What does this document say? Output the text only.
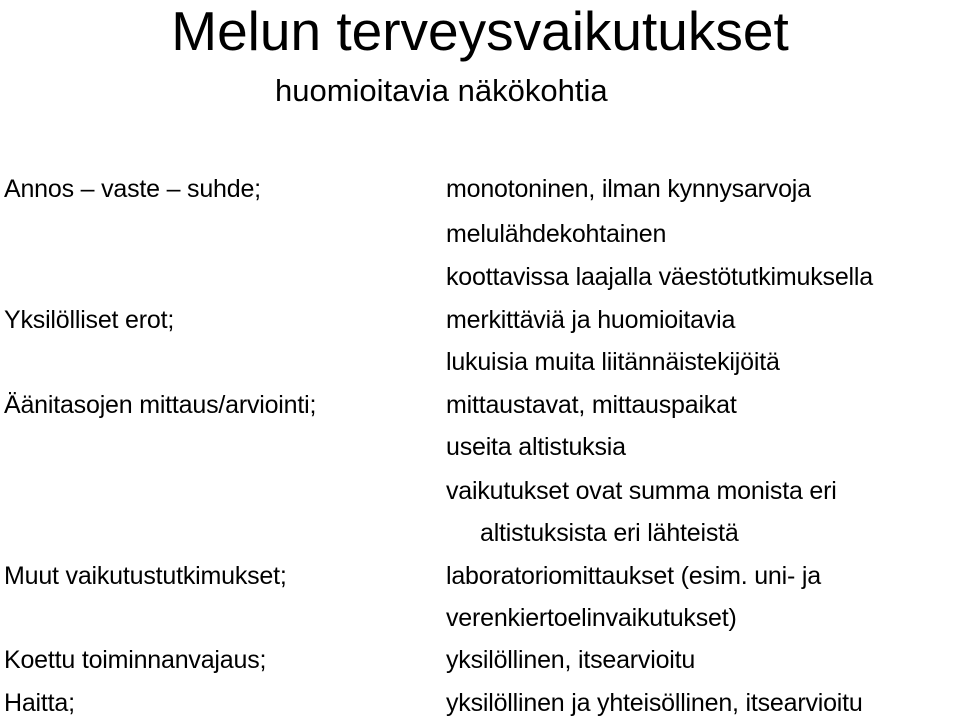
Melun terveysvaikutukset
huomioitavia näkökohtia
Annos – vaste – suhde;
Yksilölliset erot;
Äänitasojen mittaus/arviointi;
Muut vaikutustutkimukset;
Koettu toiminnanvajaus;
Haitta;
monotoninen, ilman kynnysarvoja
melulähdekohtainen
koottavissa laajalla väestötutkimuksella
merkittäviä ja huomioitavia
lukuisia muita liitännäistekijöitä
mittaustavat, mittauspaikat
useita altistuksia
vaikutukset ovat summa monista eri
altistuksista eri lähteistä
laboratoriomittaukset (esim. uni- ja
verenkiertoelinvaikutukset)
yksilöllinen, itsearvioitu
yksilöllinen ja yhteisöllinen, itsearvioitu
